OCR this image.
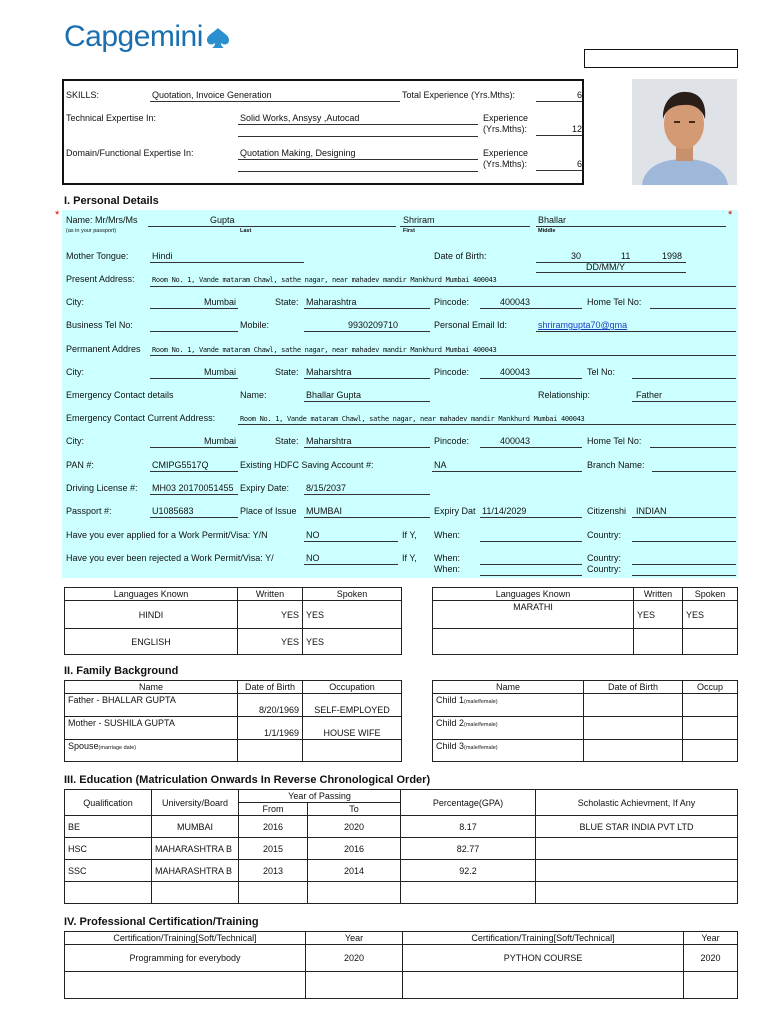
Capgemini
SKILLS:	Quotation, Invoice Generation	Total Experience (Yrs.Mths):	6
Technical Expertise In:	Solid Works, Ansysy ,Autocad	Experience
(Yrs.Mths):	12
Domain/Functional Expertise In:	Quotation Making, Designing	Experience
(Yrs.Mths):	6
I. Personal Details
*	*
Name: Mr/Mrs/Ms
(as in your passport)
Gupta
Last
Shriram
First
Bhallar
Middle
Mother Tongue:	Hindi	Date of Birth:	30	11	1998
DD/MM/Y
Present Address: Room No. 1, Vande mataram Chawl, sathe nagar, near mahadev mandir Mankhurd Mumbai 400043
City:	Mumbai	State: Maharashtra	Pincode:	400043	Home Tel No:
Business Tel No:	Mobile:	9930209710	Personal Email Id:	shriramgupta70@gma
Permanent Addres Room No. 1, Vande mataram Chawl, sathe nagar, near mahadev mandir Mankhurd Mumbai 400043
City:	Mumbai	State: Maharshtra	Pincode:	400043	Tel No:
Emergency Contact details	Name:	Bhallar Gupta	Relationship:	Father
Emergency Contact Current Address:	Room No. 1, Vande mataram Chawl, sathe nagar, near mahadev mandir Mankhurd Mumbai 400043
City:	Mumbai	State: Maharshtra	Pincode:	400043	Home Tel No:
PAN #:	CMIPG5517Q	Existing HDFC Saving Account #:	NA	Branch Name:
Driving License #: MH03 20170051455 Expiry Date: 8/15/2037
Passport #:	U1085683	Place of Issue MUMBAI	Expiry Dat 11/14/2029	Citizenshi INDIAN
Have you ever applied for a Work Permit/Visa: Y/N	NO	If Y, When:	Country:
Have you ever been rejected a Work Permit/Visa: Y/	NO	If Y, When:	Country:
When:	Country:
Languages Known	Written	Spoken
HINDI	YES	YES
ENGLISH	YES	YES
Languages Known	Written	Spoken
MARATHI	YES	YES

II. Family Background
Name	Date of Birth	Occupation
Father - BHALLAR GUPTA	8/20/1969	SELF-EMPLOYED
Mother - SUSHILA GUPTA	1/1/1969	HOUSE WIFE
Spouse(marriage date)		
Name	Date of Birth	Occup
Child 1(male/female)		
Child 2(male/female)		
Child 3(male/female)		
III. Education (Matriculation Onwards In Reverse Chronological Order)
Qualification	University/Board	Year of Passing		Percentage(GPA)	Scholastic Achievment, If Any
		From	To		
BE	MUMBAI	2016	2020	8.17	BLUE STAR INDIA PVT LTD
HSC	MAHARASHTRA B	2015	2016	82.77	
SSC	MAHARASHTRA B	2013	2014	92.2	

IV. Professional Certification/Training
Certification/Training[Soft/Technical]	Year	Certification/Training[Soft/Technical]	Year
Programming for everybody	2020	PYTHON COURSE	2020
